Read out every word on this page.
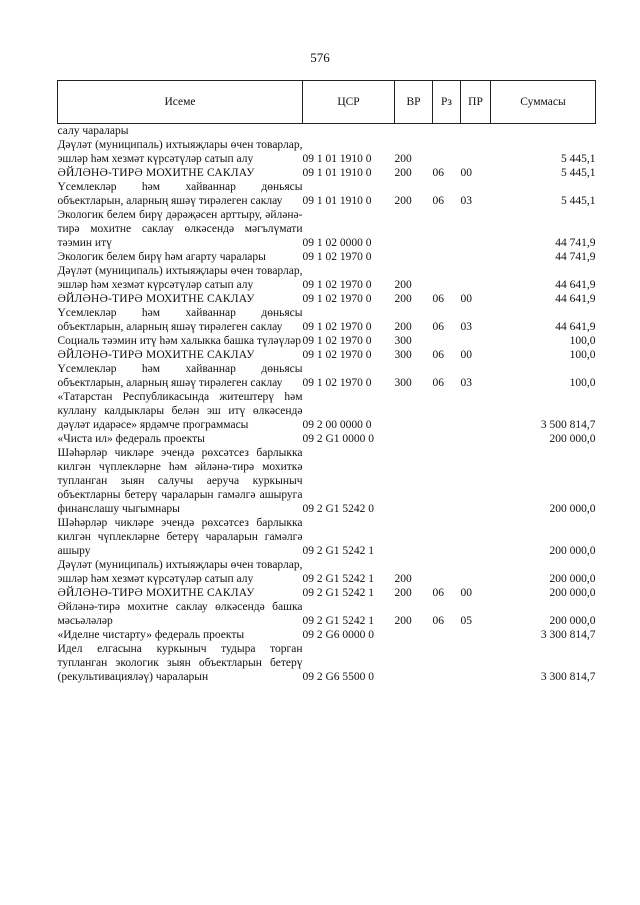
576
Исеме	ЦСР	ВР	Рз	ПР	Суммасы
салу чаралары					
Дәүләт (муниципаль) ихтыяҗлары өчен товарлар, эшләр һәм хезмәт күрсәтүләр сатып алу	09 1 01 1910 0	200			5 445,1
ӘЙЛӘНӘ-ТИРӘ МОХИТНЕ САКЛАУ	09 1 01 1910 0	200	06	00	5 445,1
Үсемлекләр һәм хайваннар дөньясы объектларын, аларның яшәү тирәлеген саклау	09 1 01 1910 0	200	06	03	5 445,1
Экологик белем бирү дәрәҗәсен арттыру, әйләнә-тирә мохитне саклау өлкәсендә мәгълүмати тәэмин итү	09 1 02 0000 0				44 741,9
Экологик белем бирү һәм агарту чаралары	09 1 02 1970 0				44 741,9
Дәүләт (муниципаль) ихтыяҗлары өчен товарлар, эшләр һәм хезмәт күрсәтүләр сатып алу	09 1 02 1970 0	200			44 641,9
ӘЙЛӘНӘ-ТИРӘ МОХИТНЕ САКЛАУ	09 1 02 1970 0	200	06	00	44 641,9
Үсемлекләр һәм хайваннар дөньясы объектларын, аларның яшәү тирәлеген саклау	09 1 02 1970 0	200	06	03	44 641,9
Социаль тәэмин итү һәм халыкка башка түләүләр	09 1 02 1970 0	300			100,0
ӘЙЛӘНӘ-ТИРӘ МОХИТНЕ САКЛАУ	09 1 02 1970 0	300	06	00	100,0
Үсемлекләр һәм хайваннар дөньясы объектларын, аларның яшәү тирәлеген саклау	09 1 02 1970 0	300	06	03	100,0
«Татарстан Республикасында житештерү һәм куллану калдыклары белән эш итү өлкәсендә дәүләт идарәсе» ярдәмче программасы	09 2 00 0000 0				3 500 814,7
«Чиста ил» федераль проекты	09 2 G1 0000 0				200 000,0
Шәһәрләр чикләре эчендә рөхсәтсез барлыкка килгән чүплекләрне һәм әйләнә-тирә мохиткә тупланган зыян салучы аеруча куркыныч объектларны бетерү чараларын гамәлгә ашыруга финанслашу чыгымнары	09 2 G1 5242 0				200 000,0
Шәһәрләр чикләре эчендә рөхсәтсез барлыкка килгән чүплекләрне бетерү чараларын гамәлгә ашыру	09 2 G1 5242 1				200 000,0
Дәүләт (муниципаль) ихтыяҗлары өчен товарлар, эшләр һәм хезмәт күрсәтүләр сатып алу	09 2 G1 5242 1	200			200 000,0
ӘЙЛӘНӘ-ТИРӘ МОХИТНЕ САКЛАУ	09 2 G1 5242 1	200	06	00	200 000,0
Әйләнә-тирә мохитне саклау өлкәсендә башка мәсьәләләр	09 2 G1 5242 1	200	06	05	200 000,0
«Иделне чистарту» федераль проекты	09 2 G6 0000 0				3 300 814,7
Идел елгасына куркыныч тудыра торган тупланган экологик зыян объектларын бетерү (рекультивацияләү) чараларын	09 2 G6 5500 0				3 300 814,7
